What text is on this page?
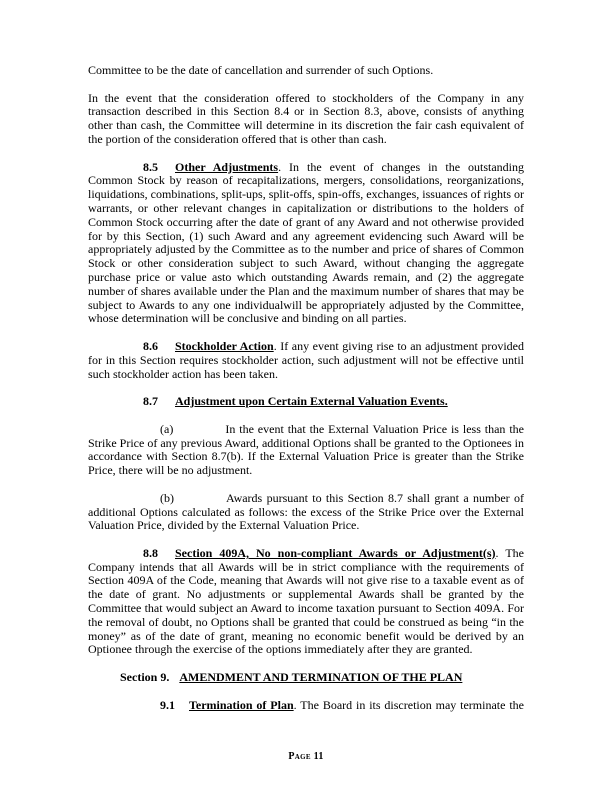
Committee to be the date of cancellation and surrender of such Options.

In the event that the consideration offered to stockholders of the Company in any transaction described in this Section 8.4 or in Section 8.3, above, consists of anything other than cash, the Committee will determine in its discretion the fair cash equivalent of the portion of the consideration offered that is other than cash.

8.5 Other Adjustments. In the event of changes in the outstanding Common Stock by reason of recapitalizations, mergers, consolidations, reorganizations, liquidations, combinations, split-ups, split-offs, spin-offs, exchanges, issuances of rights or warrants, or other relevant changes in capitalization or distributions to the holders of Common Stock occurring after the date of grant of any Award and not otherwise provided for by this Section, (1) such Award and any agreement evidencing such Award will be appropriately adjusted by the Committee as to the number and price of shares of Common Stock or other consideration subject to such Award, without changing the aggregate purchase price or value asto which outstanding Awards remain, and (2) the aggregate number of shares available under the Plan and the maximum number of shares that may be subject to Awards to any one individualwill be appropriately adjusted by the Committee, whose determination will be conclusive and binding on all parties.

8.6 Stockholder Action. If any event giving rise to an adjustment provided for in this Section requires stockholder action, such adjustment will not be effective until such stockholder action has been taken.

8.7 Adjustment upon Certain External Valuation Events.

(a)	In the event that the External Valuation Price is less than the Strike Price of any previous Award, additional Options shall be granted to the Optionees in accordance with Section 8.7(b). If the External Valuation Price is greater than the Strike Price, there will be no adjustment.

(b)	Awards pursuant to this Section 8.7 shall grant a number of additional Options calculated as follows: the excess of the Strike Price over the External Valuation Price, divided by the External Valuation Price.

8.8 Section 409A, No non-compliant Awards or Adjustment(s). The Company intends that all Awards will be in strict compliance with the requirements of Section 409A of the Code, meaning that Awards will not give rise to a taxable event as of the date of grant. No adjustments or supplemental Awards shall be granted by the Committee that would subject an Award to income taxation pursuant to Section 409A. For the removal of doubt, no Options shall be granted that could be construed as being “in the money” as of the date of grant, meaning no economic benefit would be derived by an Optionee through the exercise of the options immediately after they are granted.

Section 9. AMENDMENT AND TERMINATION OF THE PLAN

9.1 Termination of Plan. The Board in its discretion may terminate the

Page 11
